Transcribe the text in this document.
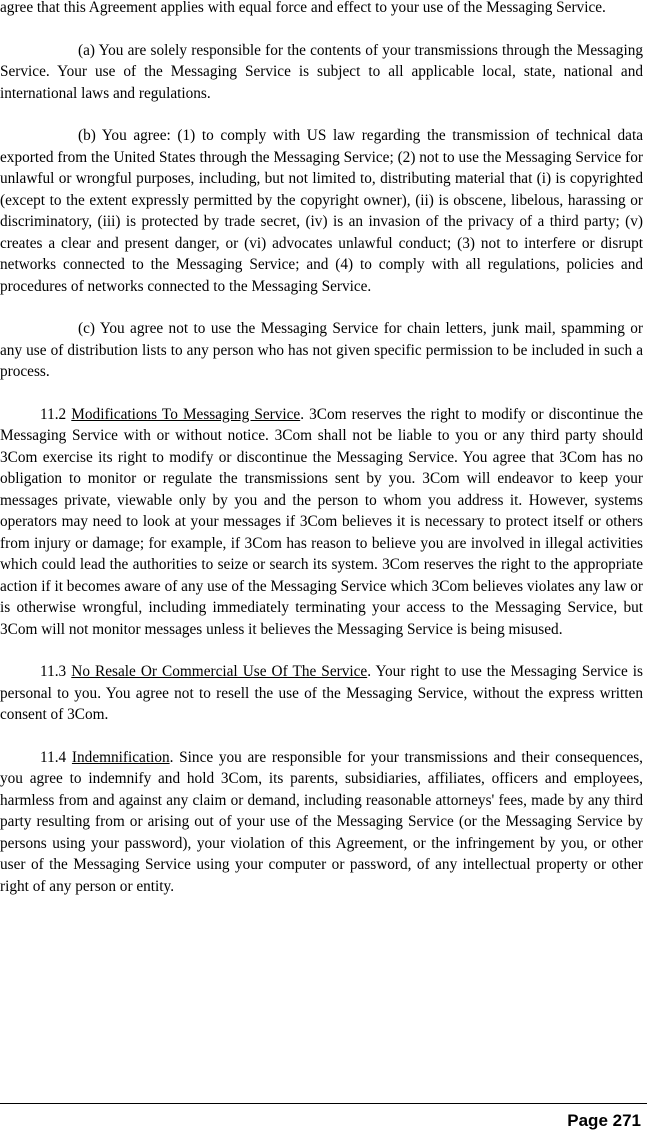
agree that this Agreement applies with equal force and effect to your use of the Messaging Service.

(a) You are solely responsible for the contents of your transmissions through the Messaging Service. Your use of the Messaging Service is subject to all applicable local, state, national and international laws and regulations.

(b) You agree: (1) to comply with US law regarding the transmission of technical data exported from the United States through the Messaging Service; (2) not to use the Messaging Service for unlawful or wrongful purposes, including, but not limited to, distributing material that (i) is copyrighted (except to the extent expressly permitted by the copyright owner), (ii) is obscene, libelous, harassing or discriminatory, (iii) is protected by trade secret, (iv) is an invasion of the privacy of a third party; (v) creates a clear and present danger, or (vi) advocates unlawful conduct; (3) not to interfere or disrupt networks connected to the Messaging Service; and (4) to comply with all regulations, policies and procedures of networks connected to the Messaging Service.

(c) You agree not to use the Messaging Service for chain letters, junk mail, spamming or any use of distribution lists to any person who has not given specific permission to be included in such a process.

11.2 Modifications To Messaging Service. 3Com reserves the right to modify or discontinue the Messaging Service with or without notice. 3Com shall not be liable to you or any third party should 3Com exercise its right to modify or discontinue the Messaging Service. You agree that 3Com has no obligation to monitor or regulate the transmissions sent by you. 3Com will endeavor to keep your messages private, viewable only by you and the person to whom you address it. However, systems operators may need to look at your messages if 3Com believes it is necessary to protect itself or others from injury or damage; for example, if 3Com has reason to believe you are involved in illegal activities which could lead the authorities to seize or search its system. 3Com reserves the right to the appropriate action if it becomes aware of any use of the Messaging Service which 3Com believes violates any law or is otherwise wrongful, including immediately terminating your access to the Messaging Service, but 3Com will not monitor messages unless it believes the Messaging Service is being misused.

11.3 No Resale Or Commercial Use Of The Service. Your right to use the Messaging Service is personal to you. You agree not to resell the use of the Messaging Service, without the express written consent of 3Com.

11.4 Indemnification. Since you are responsible for your transmissions and their consequences, you agree to indemnify and hold 3Com, its parents, subsidiaries, affiliates, officers and employees, harmless from and against any claim or demand, including reasonable attorneys' fees, made by any third party resulting from or arising out of your use of the Messaging Service (or the Messaging Service by persons using your password), your violation of this Agreement, or the infringement by you, or other user of the Messaging Service using your computer or password, of any intellectual property or other right of any person or entity.

Page 271
